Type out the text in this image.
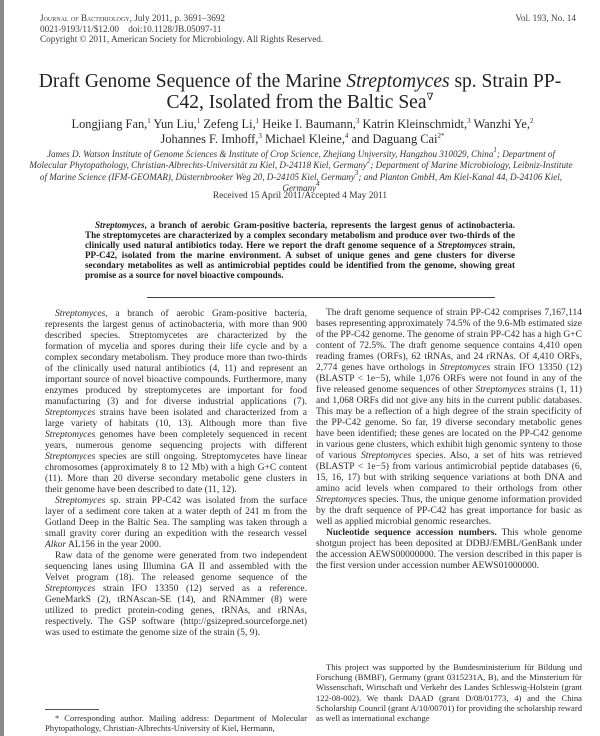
Journal of Bacteriology, July 2011, p. 3691–3692
0021-9193/11/$12.00    doi:10.1128/JB.05097-11
Copyright © 2011, American Society for Microbiology. All Rights Reserved.
Vol. 193, No. 14
Draft Genome Sequence of the Marine Streptomyces sp. Strain PP-C42, Isolated from the Baltic Sea∇
Longjiang Fan,$^1$ Yun Liu,$^1$ Zefeng Li,$^1$ Heike I. Baumann,$^3$ Katrin Kleinschmidt,$^3$ Wanzhi Ye,$^2$
Johannes F. Imhoff,$^3$ Michael Kleine,$^4$ and Daguang Cai$^{2*}$
James D. Watson Institute of Genome Sciences & Institute of Crop Science, Zhejiang University, Hangzhou 310029, China$^1$; Department of Molecular Phytopathology, Christian-Albrechts-Universität zu Kiel, D-24118 Kiel, Germany$^2$; Department of Marine Microbiology, Leibniz-Institute of Marine Science (IFM-GEOMAR), Düsternbrooker Weg 20, D-24105 Kiel, Germany$^3$; and Planton GmbH, Am Kiel-Kanal 44, D-24106 Kiel, Germany$^4$
Received 15 April 2011/Accepted 4 May 2011
Streptomyces, a branch of aerobic Gram-positive bacteria, represents the largest genus of actinobacteria. The streptomycetes are characterized by a complex secondary metabolism and produce over two-thirds of the clinically used natural antibiotics today. Here we report the draft genome sequence of a Streptomyces strain, PP-C42, isolated from the marine environment. A subset of unique genes and gene clusters for diverse secondary metabolites as well as antimicrobial peptides could be identified from the genome, showing great promise as a source for novel bioactive compounds.

Streptomyces, a branch of aerobic Gram-positive bacteria, represents the largest genus of actinobacteria, with more than 900 described species. Streptomycetes are characterized by the formation of mycelia and spores during their life cycle and by a complex secondary metabolism. They produce more than two-thirds of the clinically used natural antibiotics (4, 11) and represent an important source of novel bioactive compounds. Furthermore, many enzymes produced by streptomycetes are important for food manufacturing (3) and for diverse industrial applications (7). Streptomyces strains have been isolated and characterized from a large variety of habitats (10, 13). Although more than five Streptomyces genomes have been completely sequenced in recent years, numerous genome sequencing projects with different Streptomyces species are still ongoing. Streptomycetes have linear chromosomes (approximately 8 to 12 Mb) with a high G+C content (11). More than 20 diverse secondary metabolic gene clusters in their genome have been described to date (11, 12).

Streptomyces sp. strain PP-C42 was isolated from the surface layer of a sediment core taken at a water depth of 241 m from the Gotland Deep in the Baltic Sea. The sampling was taken through a small gravity corer during an expedition with the research vessel Alkor AL156 in the year 2000.

Raw data of the genome were generated from two independent sequencing lanes using Illumina GA II and assembled with the Velvet program (18). The released genome sequence of the Streptomyces strain IFO 13350 (12) served as a reference. GeneMarkS (2), tRNAscan-SE (14), and RNAmmer (8) were utilized to predict protein-coding genes, tRNAs, and rRNAs, respectively. The GSP software (http://gsizepred.sourceforge.net) was used to estimate the genome size of the strain (5, 9).

The draft genome sequence of strain PP-C42 comprises 7,167,114 bases representing approximately 74.5% of the 9.6-Mb estimated size of the PP-C42 genome. The genome of strain PP-C42 has a high G+C content of 72.5%. The draft genome sequence contains 4,410 open reading frames (ORFs), 62 tRNAs, and 24 rRNAs. Of 4,410 ORFs, 2,774 genes have orthologs in Streptomyces strain IFO 13350 (12) (BLASTP < 1e−5), while 1,076 ORFs were not found in any of the five released genome sequences of other Streptomyces strains (1, 11) and 1,068 ORFs did not give any hits in the current public databases. This may be a reflection of a high degree of the strain specificity of the PP-C42 genome. So far, 19 diverse secondary metabolic genes have been identified; these genes are located on the PP-C42 genome in various gene clusters, which exhibit high genomic synteny to those of various Streptomyces species. Also, a set of hits was retrieved (BLASTP < 1e−5) from various antimicrobial peptide databases (6, 15, 16, 17) but with striking sequence variations at both DNA and amino acid levels when compared to their orthologs from other Streptomyces species. Thus, the unique genome information provided by the draft sequence of PP-C42 has great importance for basic as well as applied microbial genomic researches.

Nucleotide sequence accession numbers. This whole genome shotgun project has been deposited at DDBJ/EMBL/GenBank under the accession AEWS00000000. The version described in this paper is the first version under accession number AEWS01000000.

This project was supported by the Bundesministerium für Bildung und Forschung (BMBF), Germany (grant 0315231A, B), and the Minsterium für Wissenschaft, Wirtschaft und Verkehr des Landes Schleswig-Holstein (grant 122-08-002). We thank DAAD (grant D/08/01773, 4) and the China Scholarship Council (grant A/10/00701) for providing the scholarship reward as well as international exchange

* Corresponding author. Mailing address: Department of Molecular Phytopathology, Christian-Albrechts-University of Kiel, Hermann,
